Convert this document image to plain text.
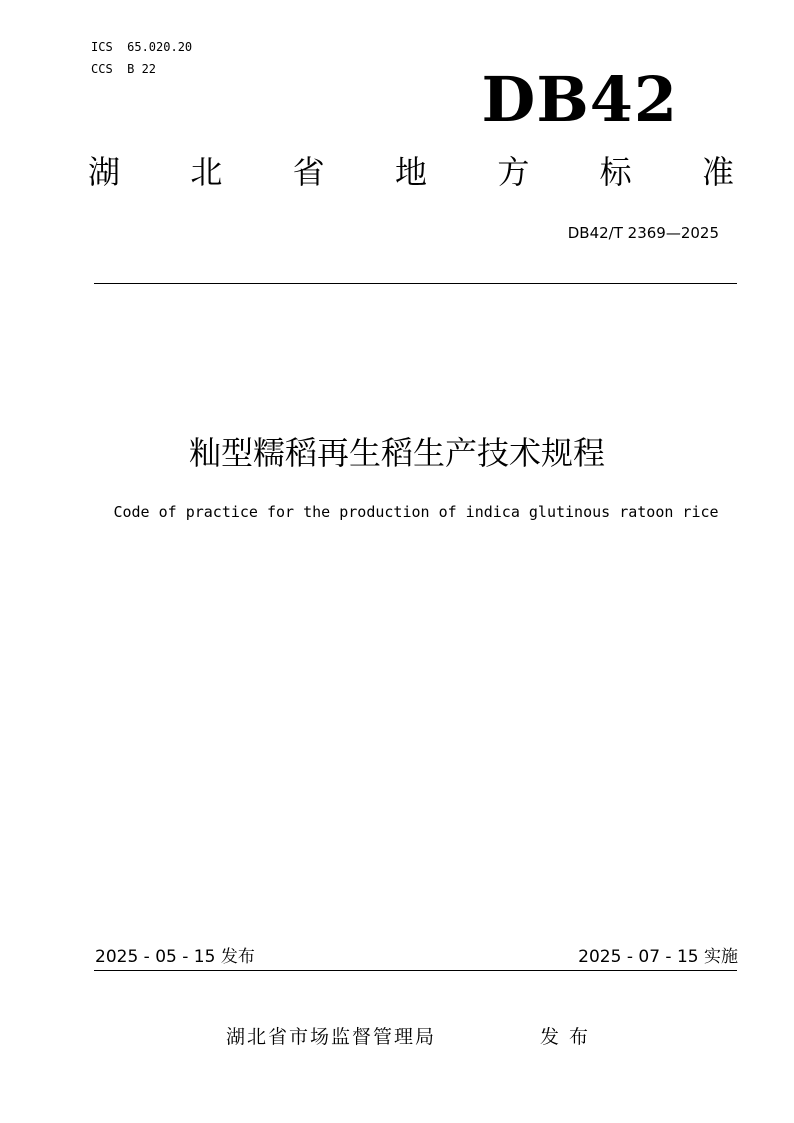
ICS  65.020.20
CCS  B 22	DB42
湖 北 省 地 方 标 准
DB42/T 2369—2025
籼型糯稻再生稻生产技术规程
Code of practice for the production of indica glutinous ratoon rice
2025 - 05 - 15 发布	2025 - 07 - 15 实施
湖北省市场监督管理局	发布
